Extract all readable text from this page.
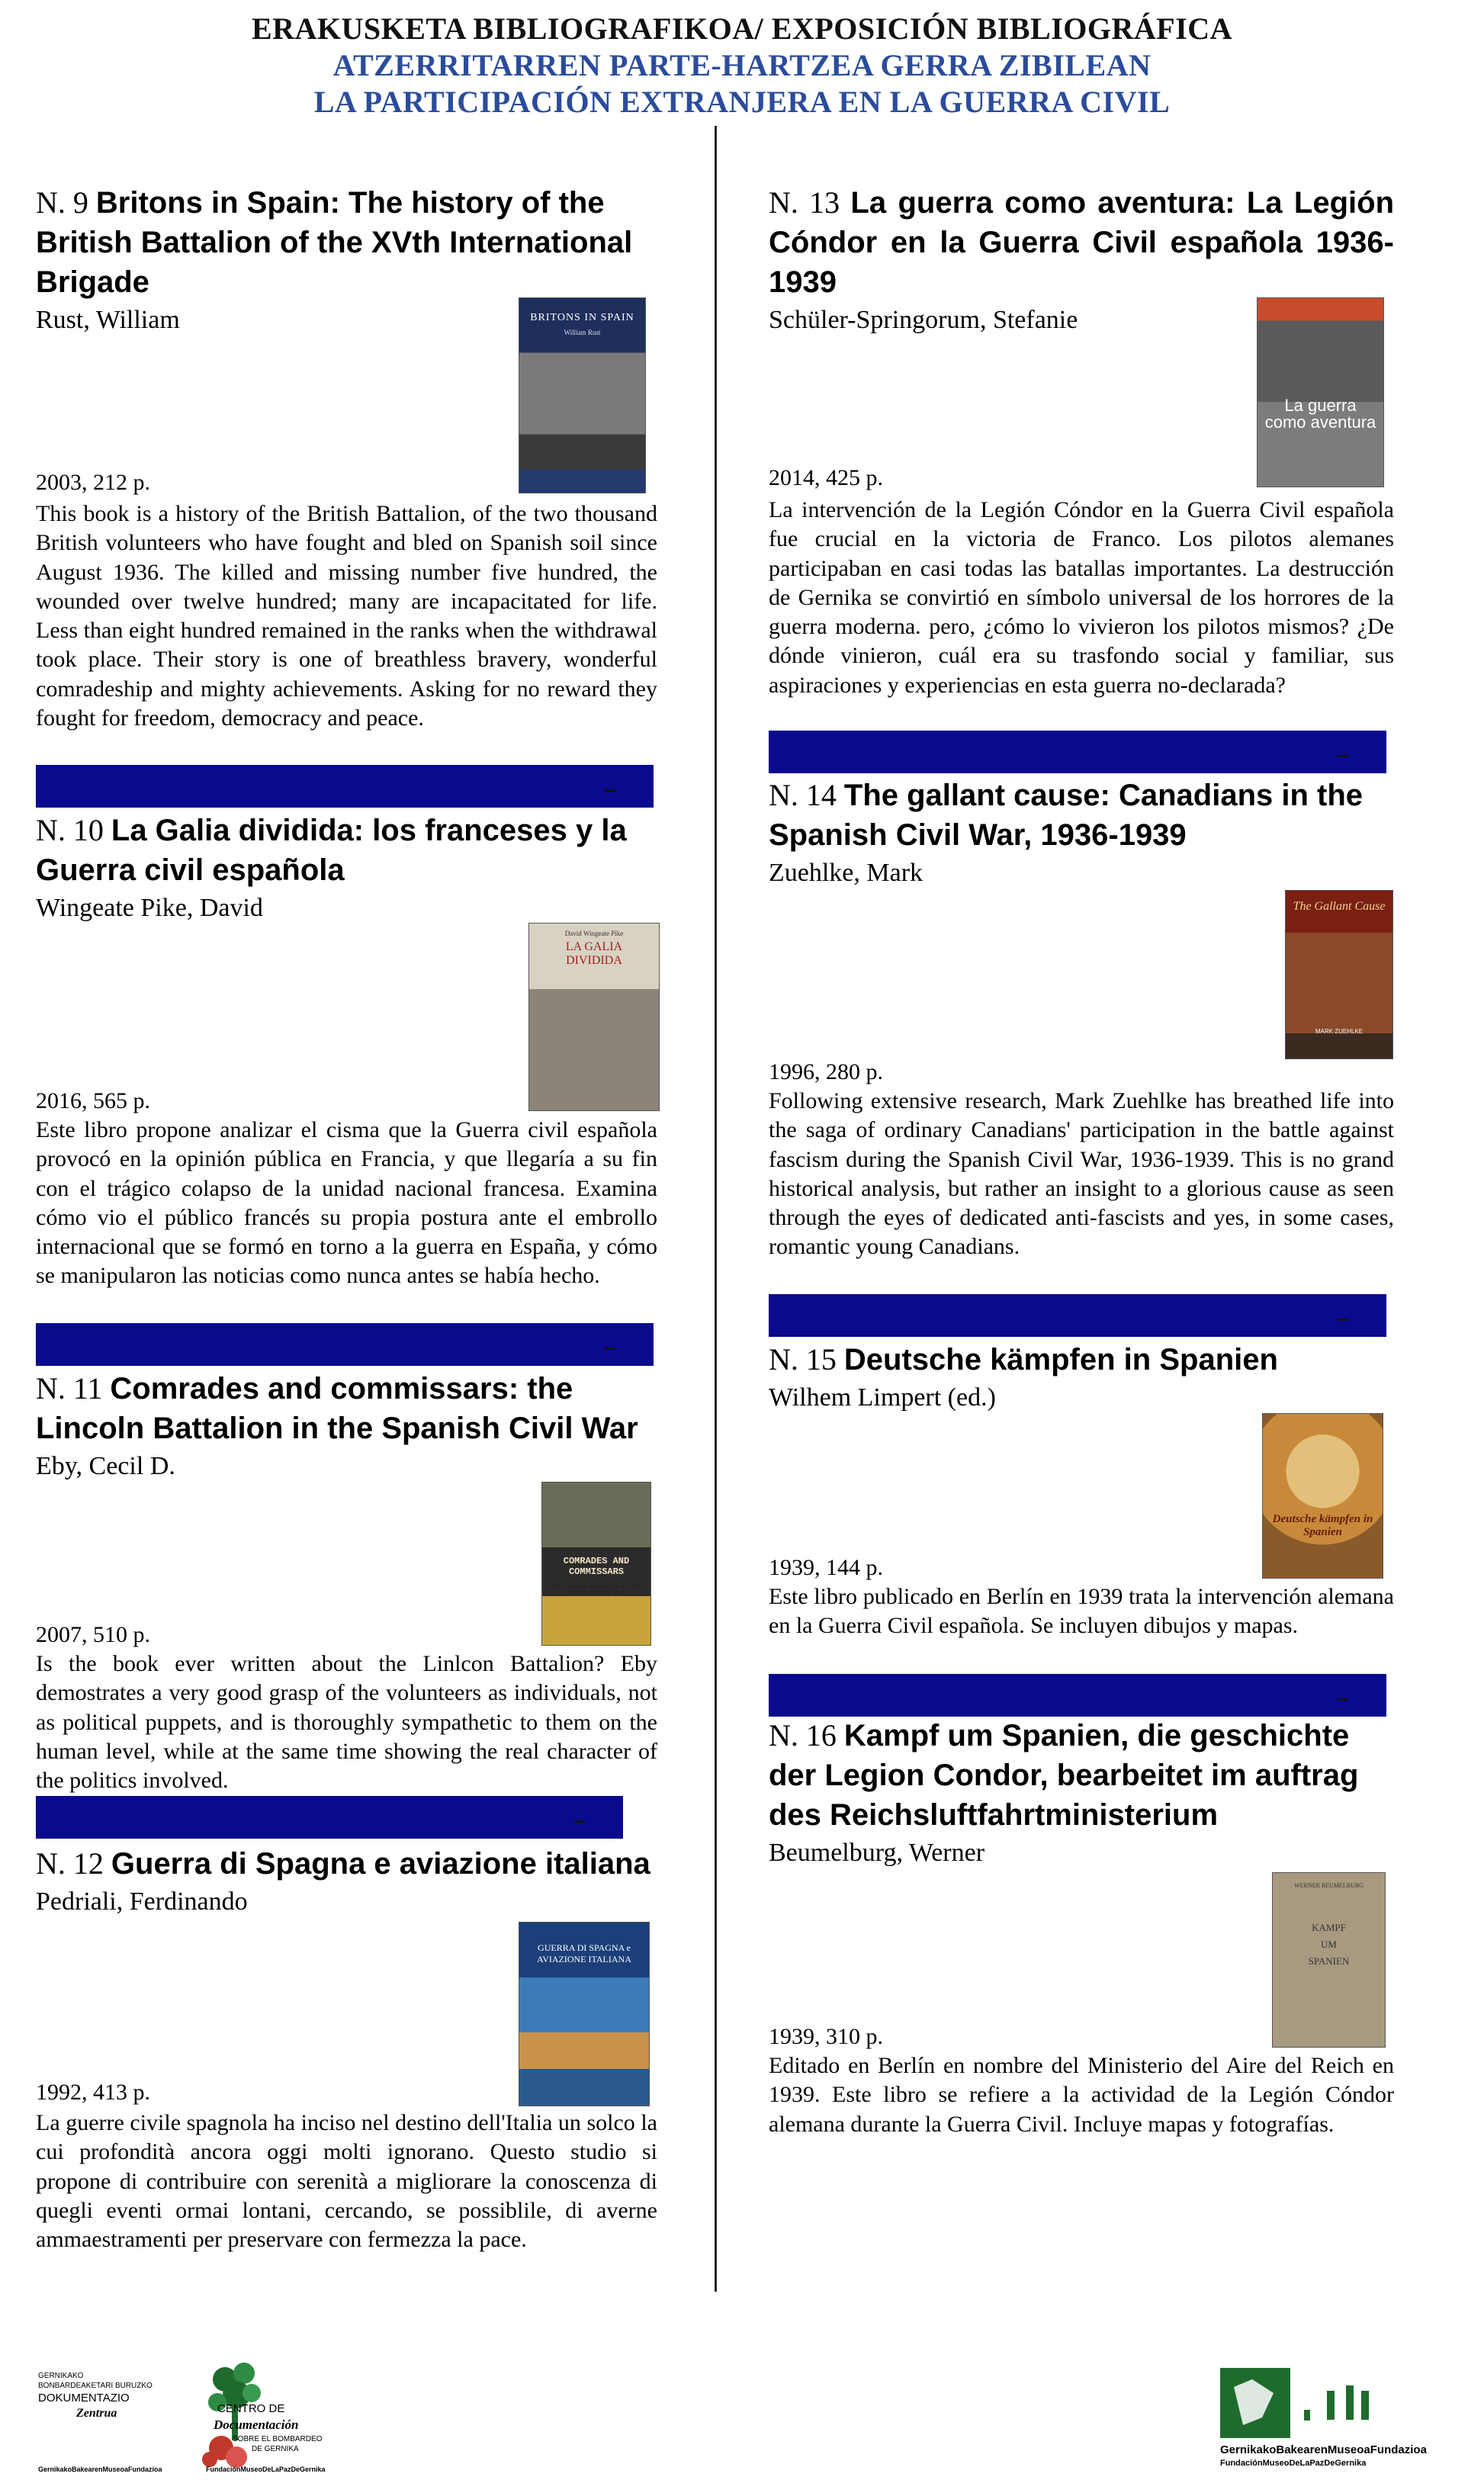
ERAKUSKETA BIBLIOGRAFIKOA/ EXPOSICIÓN BIBLIOGRÁFICA
ATZERRITARREN PARTE-HARTZEA GERRA ZIBILEAN
LA PARTICIPACIÓN EXTRANJERA EN LA GUERRA CIVIL

N. 9 Britons in Spain: The history of the British Battalion of the XVth International Brigade

Rust, William	BRITONS IN SPAIN
William Rust
2003, 212 p.
This book is a history of the British Battalion, of the two thousand British volunteers who have fought and bled on Spanish soil since August 1936. The killed and missing number five hundred, the wounded over twelve hundred; many are incapacitated for life. Less than eight hundred remained in the ranks when the withdrawal took place. Their story is one of breathless bravery, wonderful comradeship and mighty achievements. Asking for no reward they fought for freedom, democracy and peace.

N. 10 La Galia dividida: los franceses y la Guerra civil española

Wingeate Pike, David

David Wingeate Pike
LA GALIA DIVIDIDA
2016, 565 p.
Este libro propone analizar el cisma que la Guerra civil española provocó en la opinión pública en Francia, y que llegaría a su fin con el trágico colapso de la unidad nacional francesa. Examina cómo vio el público francés su propia postura ante el embrollo internacional que se formó en torno a la guerra en España, y cómo se manipularon las noticias como nunca antes se había hecho.

N. 11 Comrades and commissars: the Lincoln Battalion in the Spanish Civil War

Eby, Cecil D.

COMRADES AND COMMISSARS
THE LINCOLN BATTALION IN THE SPANISH CIVIL WAR
2007, 510 p.
Is the book ever written about the Linlcon Battalion? Eby demostrates a very good grasp of the volunteers as individuals, not as political puppets, and is thoroughly sympathetic to them on the human level, while at the same time showing the real character of the politics involved.

N. 12 Guerra di Spagna e aviazione italiana

Pedriali, Ferdinando

GUERRA DI SPAGNA e AVIAZIONE ITALIANA
1992, 413 p.
La guerre civile spagnola ha inciso nel destino dell'Italia un solco la cui profondità ancora oggi molti ignorano. Questo studio si propone di contribuire con serenità a migliorare la conoscenza di quegli eventi ormai lontani, cercando, se possiblile, di averne ammaestramenti per preservare con fermezza la pace.

N. 13 La guerra como aventura: La Legión Cóndor en la Guerra Civil española 1936-1939

Schüler-Springorum, Stefanie

La guerra como aventura
2014, 425 p.
La intervención de la Legión Cóndor en la Guerra Civil española fue crucial en la victoria de Franco. Los pilotos alemanes participaban en casi todas las batallas importantes. La destrucción de Gernika se convirtió en símbolo universal de los horrores de la guerra moderna. pero, ¿cómo lo vivieron los pilotos mismos? ¿De dónde vinieron, cuál era su trasfondo social y familiar, sus aspiraciones y experiencias en esta guerra no-declarada?

N. 14 The gallant cause: Canadians in the Spanish Civil War, 1936-1939

Zuehlke, Mark

The Gallant Cause
MARK ZUEHLKE
1996, 280 p.
Following extensive research, Mark Zuehlke has breathed life into the saga of ordinary Canadians' participation in the battle against fascism during the Spanish Civil War, 1936-1939. This is no grand historical analysis, but rather an insight to a glorious cause as seen through the eyes of dedicated anti-fascists and yes, in some cases, romantic young Canadians.

N. 15 Deutsche kämpfen in Spanien

Wilhem Limpert (ed.)

Deutsche kämpfen in Spanien
1939, 144 p.
Este libro publicado en Berlín en 1939 trata la intervención alemana en la Guerra Civil española. Se incluyen dibujos y mapas.

N. 16 Kampf um Spanien, die geschichte der Legion Condor, bearbeitet im auftrag des Reichsluftfahrtministerium

Beumelburg, Werner

WERNER BEUMELBURG
KAMPF UM SPANIEN
1939, 310 p.
Editado en Berlín en nombre del Ministerio del Aire del Reich en 1939. Este libro se refiere a la actividad de la Legión Cóndor alemana durante la Guerra Civil. Incluye mapas y fotografías.
GERNIKAKO
BONBARDEAKETARI BURUZKO
DOKUMENTAZIO
Zentrua	CENTRO DE
Documentación
SOBRE EL BOMBARDEO
DE GERNIKA
GernikakoBakearenMuseoaFundazioa	FundaciónMuseoDeLaPazDeGernika
GernikakoBakearenMuseoaFundazioa
FundaciónMuseoDeLaPazDeGernika
